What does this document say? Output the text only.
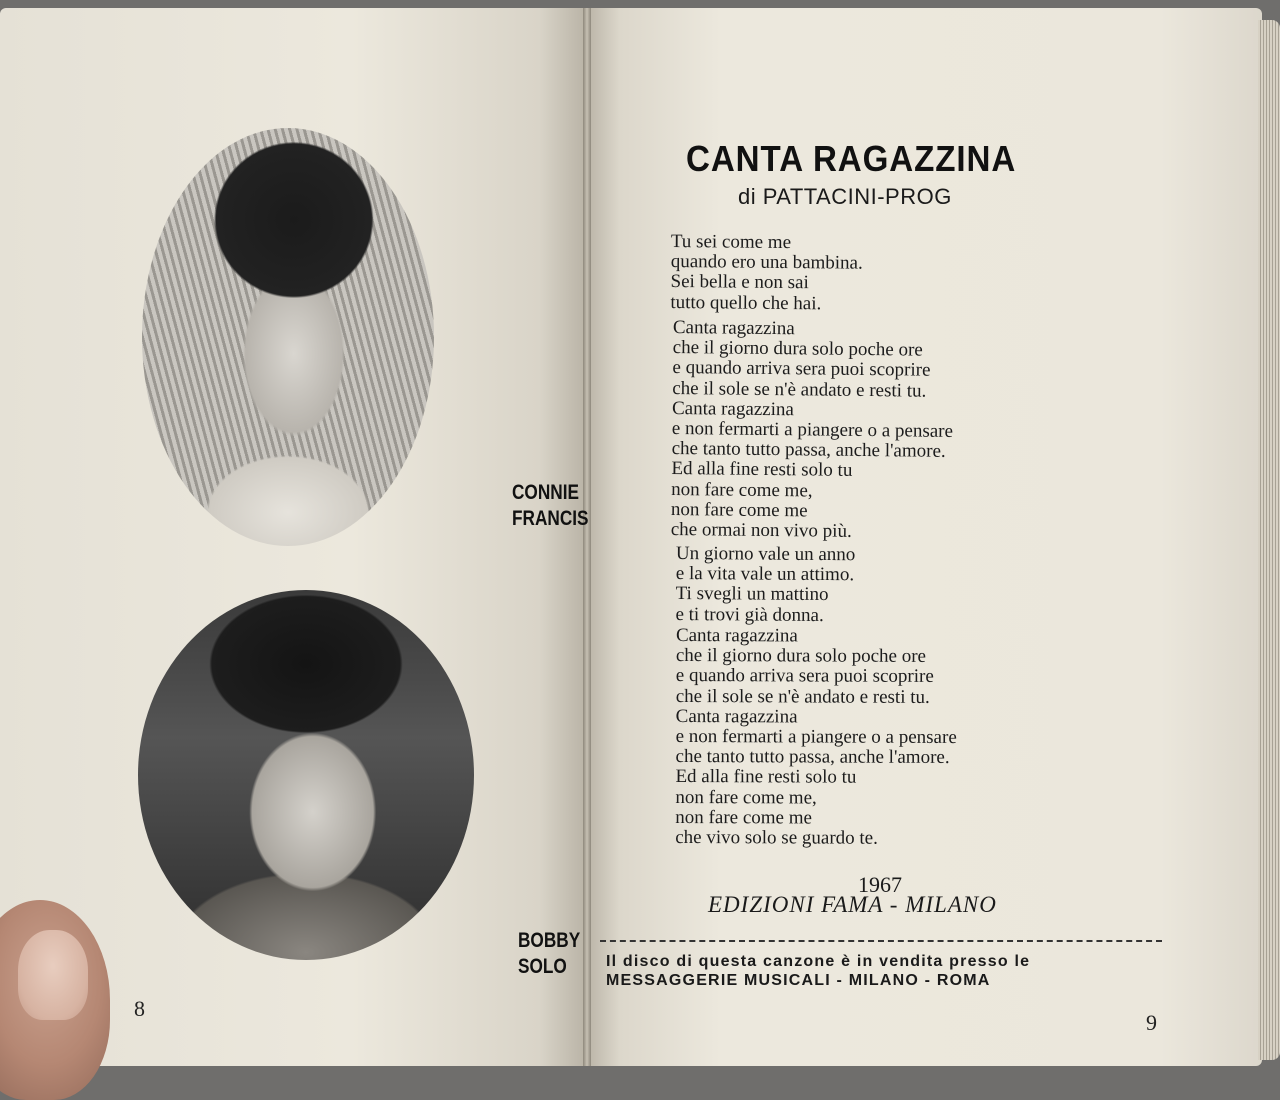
CONNIE
FRANCIS
BOBBY
SOLO
8
CANTA RAGAZZINA
di PATTACINI-PROG
Tu sei come me
quando ero una bambina.
Sei bella e non sai
tutto quello che hai.
Canta ragazzina
che il giorno dura solo poche ore
e quando arriva sera puoi scoprire
che il sole se n'è andato e resti tu.
Canta ragazzina
e non fermarti a piangere o a pensare
che tanto tutto passa, anche l'amore.
Ed alla fine resti solo tu
non fare come me,
non fare come me
che ormai non vivo più.
Un giorno vale un anno
e la vita vale un attimo.
Ti svegli un mattino
e ti trovi già donna.
Canta ragazzina
che il giorno dura solo poche ore
e quando arriva sera puoi scoprire
che il sole se n'è andato e resti tu.
Canta ragazzina
e non fermarti a piangere o a pensare
che tanto tutto passa, anche l'amore.
Ed alla fine resti solo tu
non fare come me,
non fare come me
che vivo solo se guardo te.
1967
EDIZIONI FAMA - MILANO
Il disco di questa canzone è in vendita presso le
MESSAGGERIE MUSICALI - MILANO - ROMA
9
